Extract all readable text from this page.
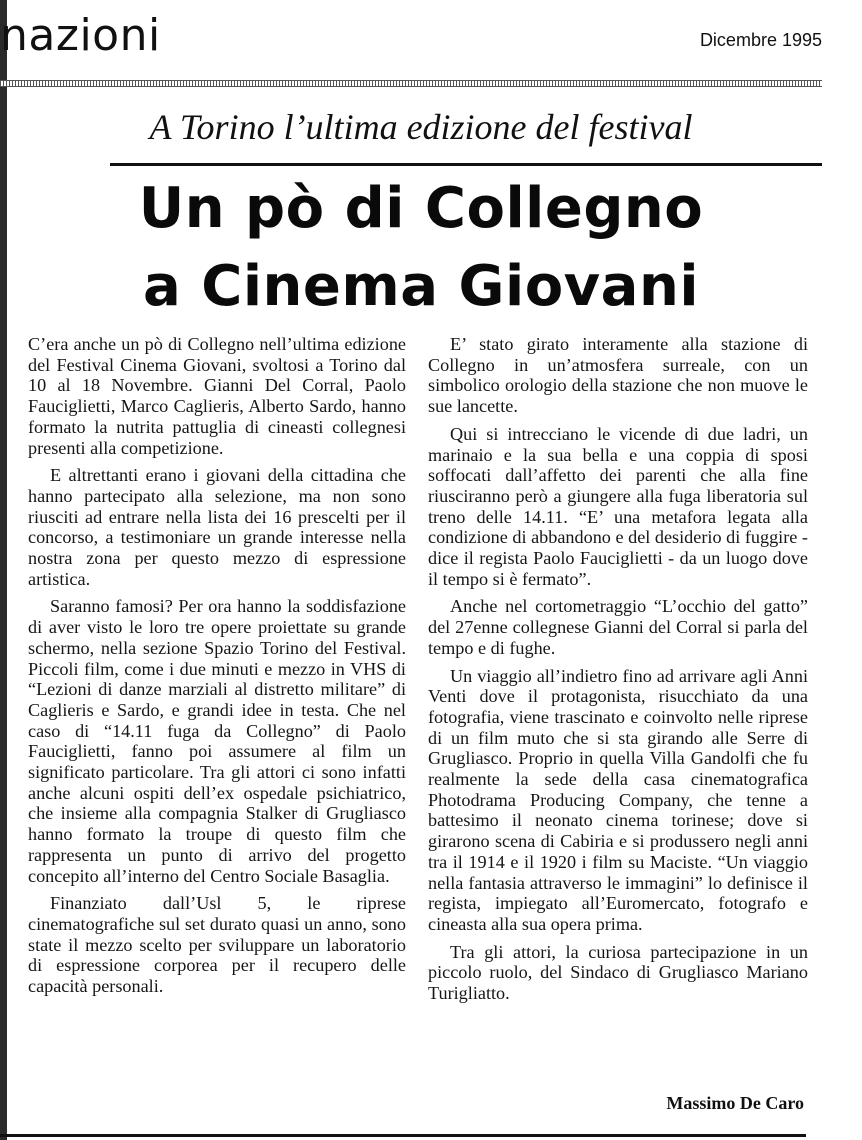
nazioni	Dicembre 1995
A Torino l’ultima edizione del festival
Un pò di Collegno
a Cinema Giovani

C’era anche un pò di Collegno nell’ultima edizione del Festival Cinema Giovani, svoltosi a Torino dal 10 al 18 Novembre. Gianni Del Corral, Paolo Fauciglietti, Marco Caglieris, Alberto Sardo, hanno formato la nutrita pattuglia di cineasti collegnesi presenti alla competizione.

E altrettanti erano i giovani della cittadina che hanno partecipato alla selezione, ma non sono riusciti ad entrare nella lista dei 16 prescelti per il concorso, a testimoniare un grande interesse nella nostra zona per questo mezzo di espressione artistica.

Saranno famosi? Per ora hanno la soddisfazione di aver visto le loro tre opere proiettate su grande schermo, nella sezione Spazio Torino del Festival. Piccoli film, come i due minuti e mezzo in VHS di “Lezioni di danze marziali al distretto militare” di Caglieris e Sardo, e grandi idee in testa. Che nel caso di “14.11 fuga da Collegno” di Paolo Fauciglietti, fanno poi assumere al film un significato particolare. Tra gli attori ci sono infatti anche alcuni ospiti dell’ex ospedale psichiatrico, che insieme alla compagnia Stalker di Grugliasco hanno formato la troupe di questo film che rappresenta un punto di arrivo del progetto concepito all’interno del Centro Sociale Basaglia.

Finanziato dall’Usl 5, le riprese cinematografiche sul set durato quasi un anno, sono state il mezzo scelto per sviluppare un laboratorio di espressione corporea per il recupero delle capacità personali.

E’ stato girato interamente alla stazione di Collegno in un’atmosfera surreale, con un simbolico orologio della stazione che non muove le sue lancette.

Qui si intrecciano le vicende di due ladri, un marinaio e la sua bella e una coppia di sposi soffocati dall’affetto dei parenti che alla fine riusciranno però a giungere alla fuga liberatoria sul treno delle 14.11. “E’ una metafora legata alla condizione di abbandono e del desiderio di fuggire - dice il regista Paolo Fauciglietti - da un luogo dove il tempo si è fermato”.

Anche nel cortometraggio “L’occhio del gatto” del 27enne collegnese Gianni del Corral si parla del tempo e di fughe.

Un viaggio all’indietro fino ad arrivare agli Anni Venti dove il protagonista, risucchiato da una fotografia, viene trascinato e coinvolto nelle riprese di un film muto che si sta girando alle Serre di Grugliasco. Proprio in quella Villa Gandolfi che fu realmente la sede della casa cinematografica Photodrama Producing Company, che tenne a battesimo il neonato cinema torinese; dove si girarono scena di Cabiria e si produssero negli anni tra il 1914 e il 1920 i film su Maciste. “Un viaggio nella fantasia attraverso le immagini” lo definisce il regista, impiegato all’Euromercato, fotografo e cineasta alla sua opera prima.

Tra gli attori, la curiosa partecipazione in un piccolo ruolo, del Sindaco di Grugliasco Mariano Turigliatto.

Massimo De Caro
